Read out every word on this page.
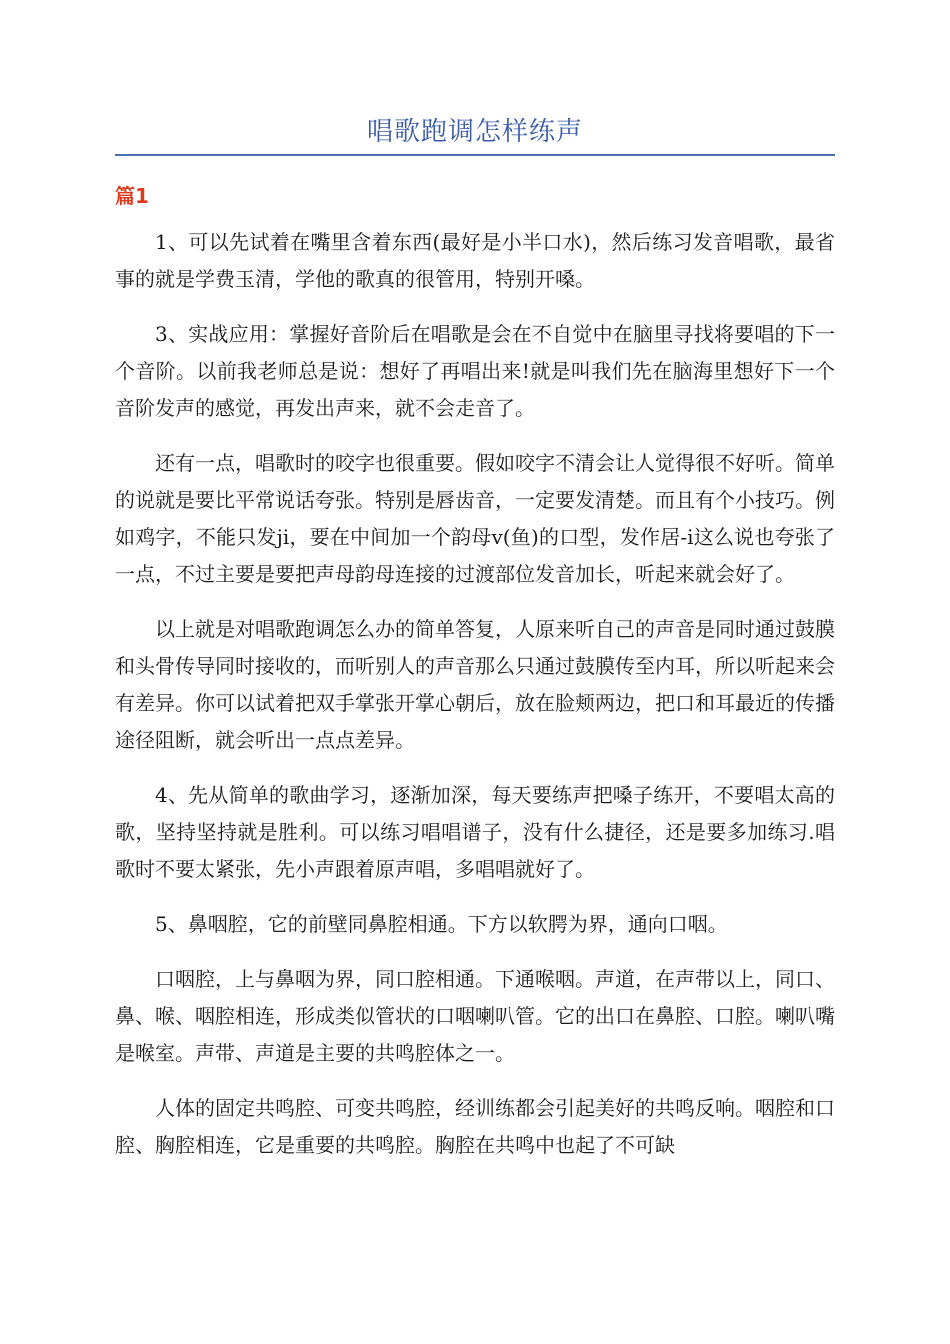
唱歌跑调怎样练声
篇1

1、可以先试着在嘴里含着东西(最好是小半口水)，然后练习发音唱歌，最省事的就是学费玉清，学他的歌真的很管用，特别开嗓。

3、实战应用：掌握好音阶后在唱歌是会在不自觉中在脑里寻找将要唱的下一个音阶。以前我老师总是说：想好了再唱出来!就是叫我们先在脑海里想好下一个音阶发声的感觉，再发出声来，就不会走音了。

还有一点，唱歌时的咬字也很重要。假如咬字不清会让人觉得很不好听。简单的说就是要比平常说话夸张。特别是唇齿音，一定要发清楚。而且有个小技巧。例如鸡字，不能只发ji，要在中间加一个韵母v(鱼)的口型，发作居-i这么说也夸张了一点，不过主要是要把声母韵母连接的过渡部位发音加长，听起来就会好了。

以上就是对唱歌跑调怎么办的简单答复，人原来听自己的声音是同时通过鼓膜和头骨传导同时接收的，而听别人的声音那么只通过鼓膜传至内耳，所以听起来会有差异。你可以试着把双手掌张开掌心朝后，放在脸颊两边，把口和耳最近的传播途径阻断，就会听出一点点差异。

4、先从简单的歌曲学习，逐渐加深，每天要练声把嗓子练开，不要唱太高的歌，坚持坚持就是胜利。可以练习唱唱谱子，没有什么捷径，还是要多加练习.唱歌时不要太紧张，先小声跟着原声唱，多唱唱就好了。

5、鼻咽腔，它的前壁同鼻腔相通。下方以软腭为界，通向口咽。

口咽腔，上与鼻咽为界，同口腔相通。下通喉咽。声道，在声带以上，同口、鼻、喉、咽腔相连，形成类似管状的口咽喇叭管。它的出口在鼻腔、口腔。喇叭嘴是喉室。声带、声道是主要的共鸣腔体之一。

人体的固定共鸣腔、可变共鸣腔，经训练都会引起美好的共鸣反响。咽腔和口腔、胸腔相连，它是重要的共鸣腔。胸腔在共鸣中也起了不可缺
